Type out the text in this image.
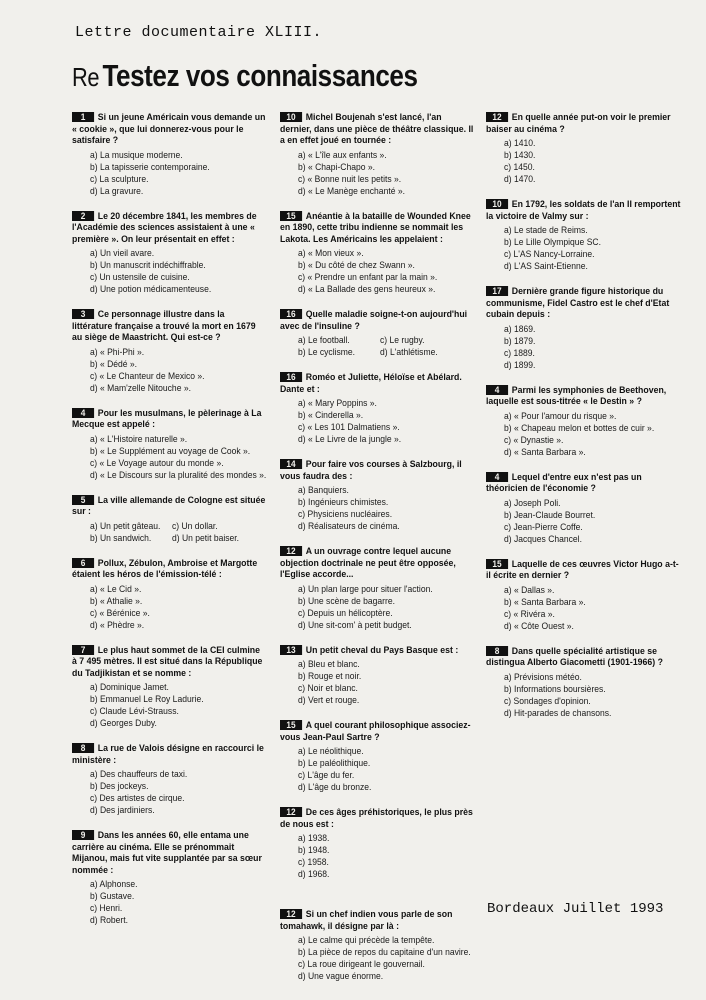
Lettre documentaire XLIII.
Re Testez vos connaissances
1 Si un jeune Américain vous demande un « cookie », que lui donnerez-vous pour le satisfaire ?
a) La musique moderne.
b) La tapisserie contemporaine.
c) La sculpture.
d) La gravure.
2 Le 20 décembre 1841, les membres de l'Académie des sciences assistaient à une « première ». On leur présentait en effet :
a) Un vieil avare.
b) Un manuscrit indéchiffrable.
c) Un ustensile de cuisine.
d) Une potion médicamenteuse.
3 Ce personnage illustre dans la littérature française a trouvé la mort en 1679 au siège de Maastricht. Qui est-ce ?
a) « Phi-Phi ».
b) « Dédé ».
c) « Le Chanteur de Mexico ».
d) « Mam'zelle Nitouche ».
4 Pour les musulmans, le pèlerinage à La Mecque est appelé :
a) « L'Histoire naturelle ».
b) « Le Supplément au voyage de Cook ».
c) « Le Voyage autour du monde ».
d) « Le Discours sur la pluralité des mondes ».
5 La ville allemande de Cologne est située sur :
a) Un petit gâteau.	c) Un dollar.
b) Un sandwich.	d) Un petit baiser.
6 Pollux, Zébulon, Ambroise et Margotte étaient les héros de l'émission-télé :
a) « Le Cid ».
b) « Athalie ».
c) « Bérénice ».
d) « Phèdre ».
7 Le plus haut sommet de la CEI culmine à 7 495 mètres. Il est situé dans la République du Tadjikistan et se nomme :
a) Dominique Jamet.
b) Emmanuel Le Roy Ladurie.
c) Claude Lévi-Strauss.
d) Georges Duby.
8 La rue de Valois désigne en raccourci le ministère :
a) Des chauffeurs de taxi.
b) Des jockeys.
c) Des artistes de cirque.
d) Des jardiniers.
9 Dans les années 60, elle entama une carrière au cinéma. Elle se prénommait Mijanou, mais fut vite supplantée par sa sœur nommée :
a) Alphonse.
b) Gustave.
c) Henri.
d) Robert.
10 Michel Boujenah s'est lancé, l'an dernier, dans une pièce de théâtre classique. Il a en effet joué en tournée :
a) « L'île aux enfants ».
b) « Chapi-Chapo ».
c) « Bonne nuit les petits ».
d) « Le Manège enchanté ».
15 Anéantie à la bataille de Wounded Knee en 1890, cette tribu indienne se nommait les Lakota. Les Américains les appelaient :
a) « Mon vieux ».
b) « Du côté de chez Swann ».
c) « Prendre un enfant par la main ».
d) « La Ballade des gens heureux ».
16 Quelle maladie soigne-t-on aujourd'hui avec de l'insuline ?
a) Le football.	c) Le rugby.
b) Le cyclisme.	d) L'athlétisme.
16 Roméo et Juliette, Héloïse et Abélard. Dante et :
a) « Mary Poppins ».
b) « Cinderella ».
c) « Les 101 Dalmatiens ».
d) « Le Livre de la jungle ».
14 Pour faire vos courses à Salzbourg, il vous faudra des :
a) Banquiers.
b) Ingénieurs chimistes.
c) Physiciens nucléaires.
d) Réalisateurs de cinéma.
12 A un ouvrage contre lequel aucune objection doctrinale ne peut être opposée, l'Eglise accorde...
a) Un plan large pour situer l'action.
b) Une scène de bagarre.
c) Depuis un hélicoptère.
d) Une sit-com' à petit budget.
13 Un petit cheval du Pays Basque est :
a) Bleu et blanc.
b) Rouge et noir.
c) Noir et blanc.
d) Vert et rouge.
15 A quel courant philosophique associez-vous Jean-Paul Sartre ?
a) Le néolithique.
b) Le paléolithique.
c) L'âge du fer.
d) L'âge du bronze.
12 De ces âges préhistoriques, le plus près de nous est :
a) 1938.
b) 1948.
c) 1958.
d) 1968.
12 Si un chef indien vous parle de son tomahawk, il désigne par là :
a) Le calme qui précède la tempête.
b) La pièce de repos du capitaine d'un navire.
c) La roue dirigeant le gouvernail.
d) Une vague énorme.
12 En quelle année put-on voir le premier baiser au cinéma ?
a) 1410.
b) 1430.
c) 1450.
d) 1470.
10 En 1792, les soldats de l'an II remportent la victoire de Valmy sur :
a) Le stade de Reims.
b) Le Lille Olympique SC.
c) L'AS Nancy-Lorraine.
d) L'AS Saint-Etienne.
17 Dernière grande figure historique du communisme, Fidel Castro est le chef d'Etat cubain depuis :
a) 1869.
b) 1879.
c) 1889.
d) 1899.
4 Parmi les symphonies de Beethoven, laquelle est sous-titrée « le Destin » ?
a) « Pour l'amour du risque ».
b) « Chapeau melon et bottes de cuir ».
c) « Dynastie ».
d) « Santa Barbara ».
4 Lequel d'entre eux n'est pas un théoricien de l'économie ?
a) Joseph Poli.
b) Jean-Claude Bourret.
c) Jean-Pierre Coffe.
d) Jacques Chancel.
15 Laquelle de ces œuvres Victor Hugo a-t-il écrite en dernier ?
a) « Dallas ».
b) « Santa Barbara ».
c) « Rivéra ».
d) « Côte Ouest ».
8 Dans quelle spécialité artistique se distingua Alberto Giacometti (1901-1966) ?
a) Prévisions météo.
b) Informations boursières.
c) Sondages d'opinion.
d) Hit-parades de chansons.
Bordeaux Juillet 1993
